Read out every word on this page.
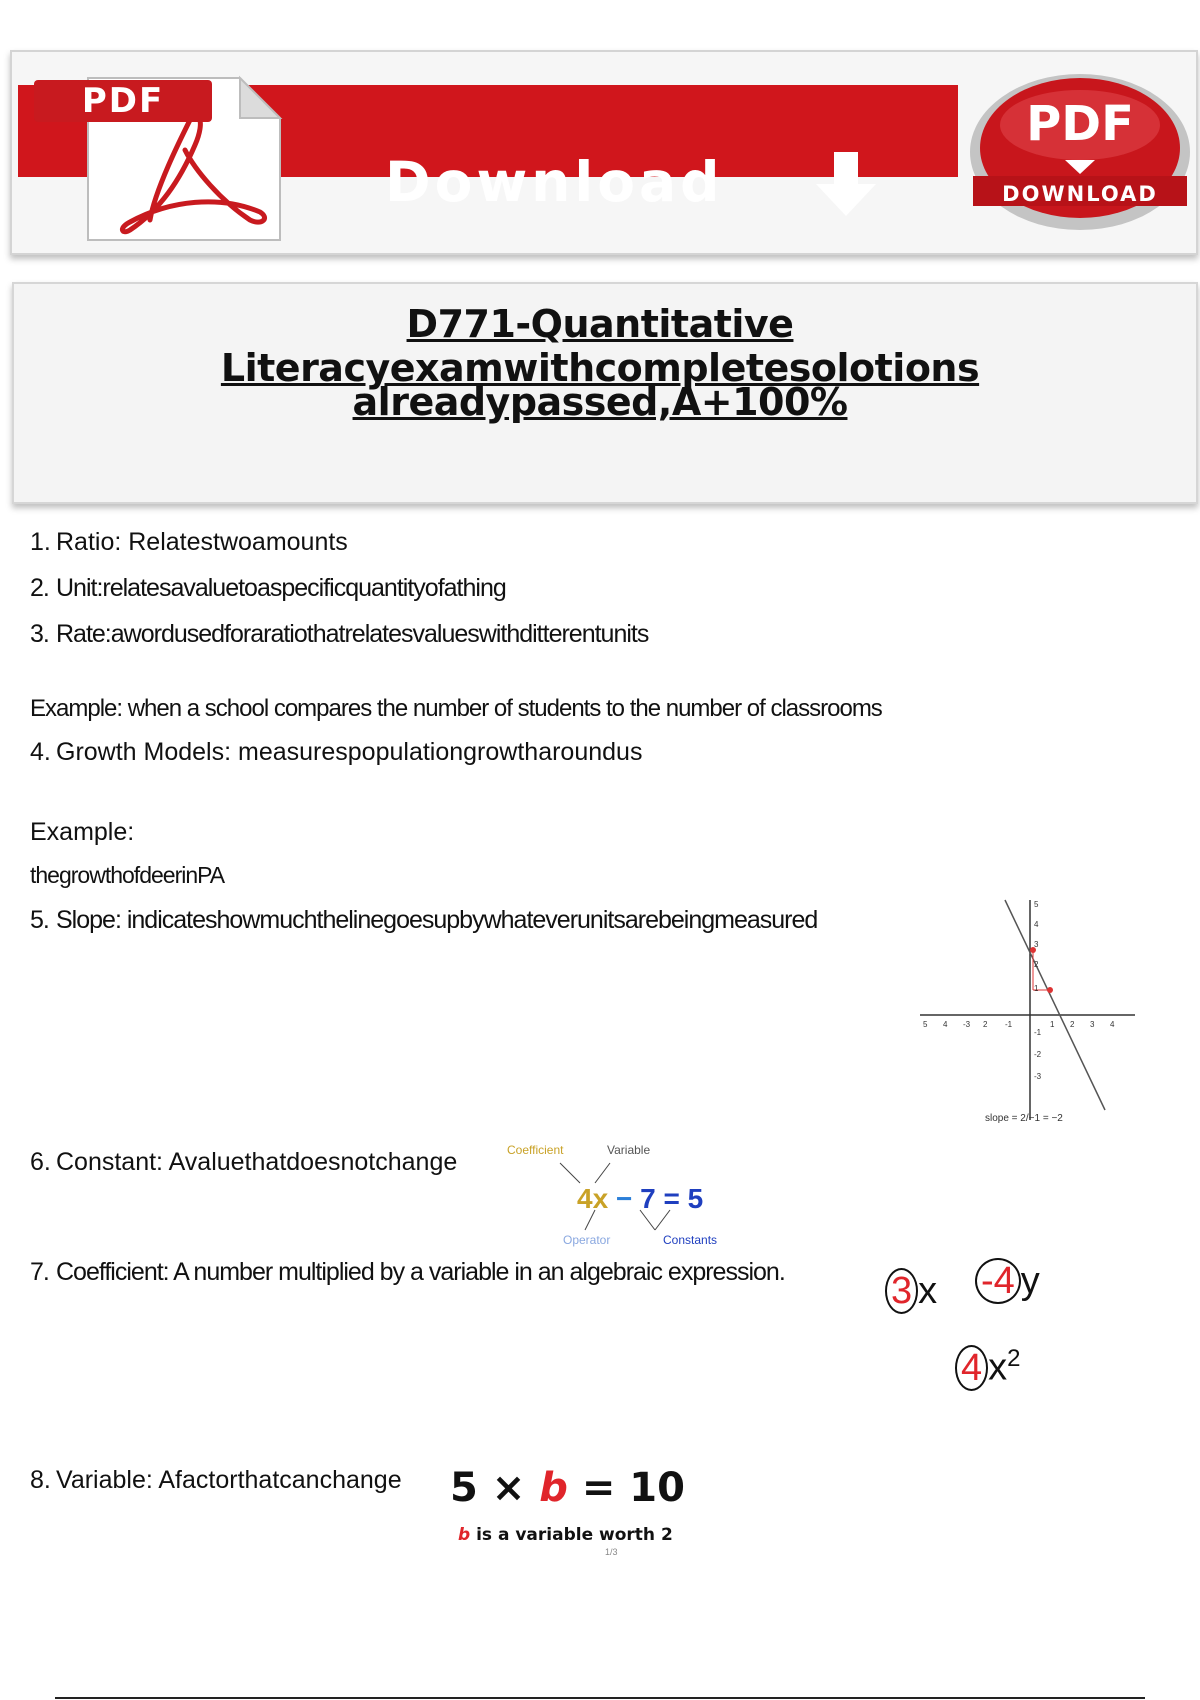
Download
PDF	PDF
DOWNLOAD
D771-Quantitative Literacyexamwithcompletesolotions
alreadypassed,A+100%
1. Ratio: Relatestwoamounts
2. Unit:relatesavaluetoaspecificquantityofathing
3. Rate:awordusedforaratiothatrelatesvalueswithditterentunits
Example: when a school compares the number of students to the number of classrooms
4. Growth Models: measurespopulationgrowtharoundus
Example:
thegrowthofdeerinPA
5. Slope: indicateshowmuchthelinegoesupbywhateverunitsarebeingmeasured
6. Constant: Avaluethatdoesnotchange
7. Coefficient: A number multiplied by a variable in an algebraic expression.
8. Variable: Afactorthatcanchange
5 4 -3 2 -1	1 2 3 4
5
4
3
2
1
-1
-2
-3
slope = 2/−1 = −2
Coefficient	Variable
4x − 7 = 5
Operator	Constants
3 x -4 y
4 $x^2$
5 × b = 10
b is a variable worth 2
1/3
